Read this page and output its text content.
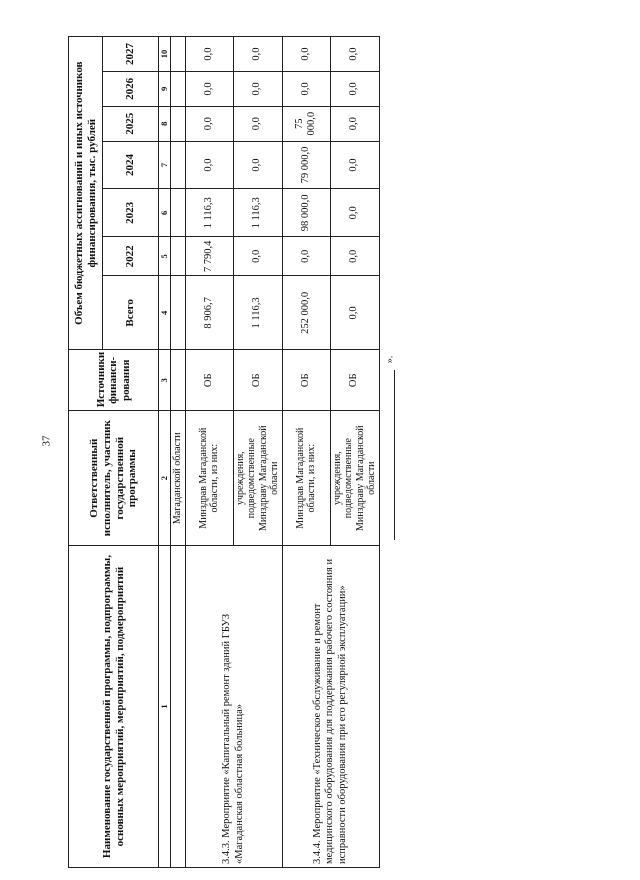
37
».
Наименование государственной программы, подпрограммы, основных мероприятий, мероприятий, подмероприятий	Ответственный исполнитель, участник государственной программы	Источники финанси-рования	Объем бюджетных ассигнований и иных источников финансирования, тыс. рублей						
			Всего	2022	2023	2024	2025	2026	2027
1	2	3	4	5	6	7	8	9	10
	Магаданской области								
3.4.3. Мероприятие «Капитальный ремонт зданий ГБУЗ «Магаданская областная больница»	Минздрав Магаданской области, из них:	ОБ	8 906,7	7 790,4	1 116,3	0,0	0,0	0,0	0,0
	учреждения, подведомственные Минздраву Магаданской области	ОБ	1 116,3	0,0	1 116,3	0,0	0,0	0,0	0,0
3.4.4. Мероприятие «Техническое обслуживание и ремонт медицинского оборудования для поддержания рабочего состояния и исправности оборудования при его регулярной эксплуатации»	Минздрав Магаданской области, из них:	ОБ	252 000,0	0,0	98 000,0	79 000,0	75 000,0	0,0	0,0
	учреждения, подведомственные Минздраву Магаданской области	ОБ	0,0	0,0	0,0	0,0	0,0	0,0	0,0
